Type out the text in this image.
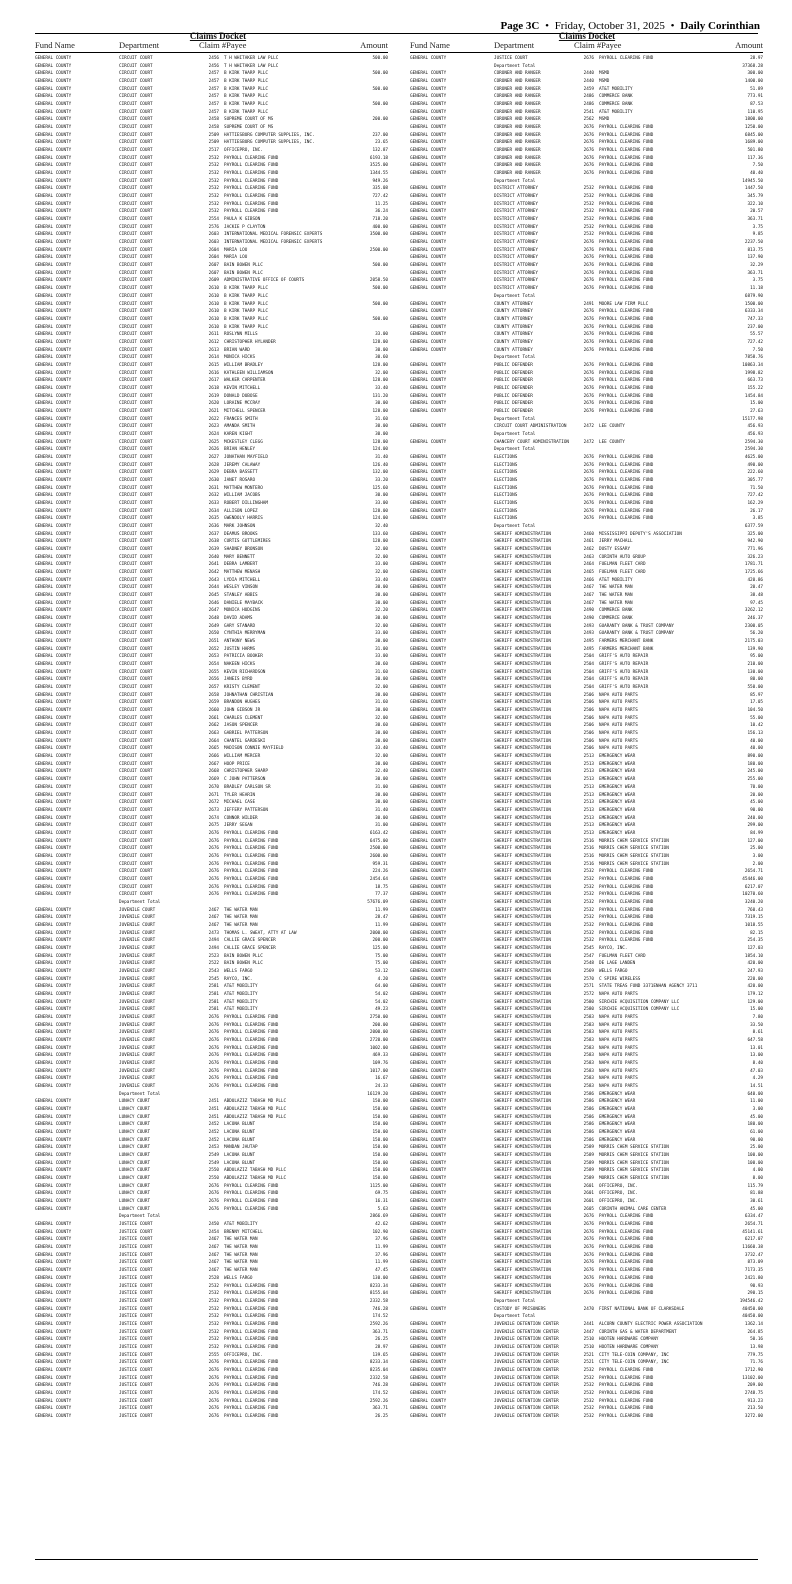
Page 3C • Friday, October 31, 2025 • Daily Corinthian
Claims Docket
Fund Name	Department	Claim #Payee	Amount
GENERAL COUNTY	CIRCUIT COURT	2456 T H WHITAKER LAW PLLC	500.00
GENERAL COUNTY	CIRCUIT COURT	2456 T H WHITAKER LAW PLLC
GENERAL COUNTY	CIRCUIT COURT	2457 B KIRK THARP PLLC	500.00
GENERAL COUNTY	CIRCUIT COURT	2457 B KIRK THARP PLLC
GENERAL COUNTY	CIRCUIT COURT	2457 B KIRK THARP PLLC	500.00
GENERAL COUNTY	CIRCUIT COURT	2457 B KIRK THARP PLLC
GENERAL COUNTY	CIRCUIT COURT	2457 B KIRK THARP PLLC	500.00
GENERAL COUNTY	CIRCUIT COURT	2457 B KIRK THARP PLLC
GENERAL COUNTY	CIRCUIT COURT	2458 SUPREME COURT OF MS	200.00
GENERAL COUNTY	CIRCUIT COURT	2458 SUPREME COURT OF MS
GENERAL COUNTY	CIRCUIT COURT	2509 HATTIESBURG COMPUTER SUPPLIES, INC.	237.00
GENERAL COUNTY	CIRCUIT COURT	2509 HATTIESBURG COMPUTER SUPPLIES, INC.	23.65
GENERAL COUNTY	CIRCUIT COURT	2517 OFFICEPRO, INC.	132.87
GENERAL COUNTY	CIRCUIT COURT	2532 PAYROLL CLEARING FUND	6193.18
GENERAL COUNTY	CIRCUIT COURT	2532 PAYROLL CLEARING FUND	3525.00
GENERAL COUNTY	CIRCUIT COURT	2532 PAYROLL CLEARING FUND	1344.55
GENERAL COUNTY	CIRCUIT COURT	2532 PAYROLL CLEARING FUND	949.26
GENERAL COUNTY	CIRCUIT COURT	2532 PAYROLL CLEARING FUND	335.08
GENERAL COUNTY	CIRCUIT COURT	2532 PAYROLL CLEARING FUND	727.42
GENERAL COUNTY	CIRCUIT COURT	2532 PAYROLL CLEARING FUND	11.25
GENERAL COUNTY	CIRCUIT COURT	2532 PAYROLL CLEARING FUND	36.24
GENERAL COUNTY	CIRCUIT COURT	2554 PAULA K GIBSON	718.20
GENERAL COUNTY	CIRCUIT COURT	2576 JACKIE P CLAYTON	400.00
GENERAL COUNTY	CIRCUIT COURT	2603 INTERNATIONAL MEDICAL FORENSIC EXPERTS	3500.00
GENERAL COUNTY	CIRCUIT COURT	2603 INTERNATIONAL MEDICAL FORENSIC EXPERTS
GENERAL COUNTY	CIRCUIT COURT	2604 MARIA LOU	2500.00
GENERAL COUNTY	CIRCUIT COURT	2604 MARIA LOU
GENERAL COUNTY	CIRCUIT COURT	2607 BAIN BOWEN PLLC	500.00
GENERAL COUNTY	CIRCUIT COURT	2607 BAIN BOWEN PLLC
GENERAL COUNTY	CIRCUIT COURT	2609 ADMINISTRATIVE OFFICE OF COURTS	2058.50
GENERAL COUNTY	CIRCUIT COURT	2610 B KIRK THARP PLLC	500.00
GENERAL COUNTY	CIRCUIT COURT	2610 B KIRK THARP PLLC
GENERAL COUNTY	CIRCUIT COURT	2610 B KIRK THARP PLLC	500.00
GENERAL COUNTY	CIRCUIT COURT	2610 B KIRK THARP PLLC
GENERAL COUNTY	CIRCUIT COURT	2610 B KIRK THARP PLLC	500.00
GENERAL COUNTY	CIRCUIT COURT	2610 B KIRK THARP PLLC
GENERAL COUNTY	CIRCUIT COURT	2611 ROSLYNN MILLS	33.00
GENERAL COUNTY	CIRCUIT COURT	2612 CHRISTOPHER HYLANDER	128.00
GENERAL COUNTY	CIRCUIT COURT	2613 BRIAN WARD	30.00
GENERAL COUNTY	CIRCUIT COURT	2614 MONICA HICKS	30.60
GENERAL COUNTY	CIRCUIT COURT	2615 WILLIAM BRADLEY	128.00
GENERAL COUNTY	CIRCUIT COURT	2616 KATHLEEN WILLIAMSON	32.00
GENERAL COUNTY	CIRCUIT COURT	2617 WALKER CARPENTER	128.00
GENERAL COUNTY	CIRCUIT COURT	2618 KEVIN MITCHELL	33.40
GENERAL COUNTY	CIRCUIT COURT	2619 DONALD DUBOSE	131.20
GENERAL COUNTY	CIRCUIT COURT	2620 LORAINE MCCRAY	30.00
GENERAL COUNTY	CIRCUIT COURT	2621 MITCHELL SPENCER	128.00
GENERAL COUNTY	CIRCUIT COURT	2622 FRANCES SMITH	31.60
GENERAL COUNTY	CIRCUIT COURT	2623 AMANDA SMITH	30.00
GENERAL COUNTY	CIRCUIT COURT	2624 KAREN KIGHT	30.00
GENERAL COUNTY	CIRCUIT COURT	2625 MCKESTLEY CLEGG	128.00
GENERAL COUNTY	CIRCUIT COURT	2626 BRIAN HENLEY	124.00
GENERAL COUNTY	CIRCUIT COURT	2627 JONATHAN MAYFIELD	31.40
GENERAL COUNTY	CIRCUIT COURT	2628 JEREMY CALAWAY	126.40
GENERAL COUNTY	CIRCUIT COURT	2629 DEBRA BASSETT	132.00
GENERAL COUNTY	CIRCUIT COURT	2630 JANET ROSARO	33.20
GENERAL COUNTY	CIRCUIT COURT	2631 MATTHEW MONTERO	125.60
GENERAL COUNTY	CIRCUIT COURT	2632 WILLIAM JACOBS	30.00
GENERAL COUNTY	CIRCUIT COURT	2633 ROBERT DILLINGHAM	33.00
GENERAL COUNTY	CIRCUIT COURT	2634 ALLISON LOPEZ	128.00
GENERAL COUNTY	CIRCUIT COURT	2635 GWENDOLY HARRIS	124.00
GENERAL COUNTY	CIRCUIT COURT	2636 MARK JOHNSON	32.40
GENERAL COUNTY	CIRCUIT COURT	2637 DEAMUS BROOKS	133.60
GENERAL COUNTY	CIRCUIT COURT	2638 CURTIS GUTTLEMIRES	128.00
GENERAL COUNTY	CIRCUIT COURT	2639 SHADNEY BRONSON	32.00
GENERAL COUNTY	CIRCUIT COURT	2640 MARY BENNETT	32.00
GENERAL COUNTY	CIRCUIT COURT	2641 DEBRA LAMBERT	33.00
GENERAL COUNTY	CIRCUIT COURT	2642 MATTHEW MENASH	32.00
GENERAL COUNTY	CIRCUIT COURT	2643 LYDIA MITCHELL	33.40
GENERAL COUNTY	CIRCUIT COURT	2644 WESLEY VINSON	30.00
GENERAL COUNTY	CIRCUIT COURT	2645 STANLEY ABBIS	30.00
GENERAL COUNTY	CIRCUIT COURT	2646 DANIELE MAYBACK	30.00
GENERAL COUNTY	CIRCUIT COURT	2647 MONICA HUDGINS	32.20
GENERAL COUNTY	CIRCUIT COURT	2648 DAVID ADAMS	30.00
GENERAL COUNTY	CIRCUIT COURT	2649 GARY STANARD	32.00
GENERAL COUNTY	CIRCUIT COURT	2650 CYNTHIA MERRYMAN	33.00
GENERAL COUNTY	CIRCUIT COURT	2651 ANTHONY NEWS	30.00
GENERAL COUNTY	CIRCUIT COURT	2652 JUSTIN HARMS	31.00
GENERAL COUNTY	CIRCUIT COURT	2653 PATRICIA BOOKER	33.00
GENERAL COUNTY	CIRCUIT COURT	2654 NAKEEN HICKS	30.60
GENERAL COUNTY	CIRCUIT COURT	2655 KEVIN RICHARDSON	31.60
GENERAL COUNTY	CIRCUIT COURT	2656 JANEIS BYRD	30.00
GENERAL COUNTY	CIRCUIT COURT	2657 KRISTY CLEMENT	32.00
GENERAL COUNTY	CIRCUIT COURT	2658 JOHNATHAN CHRISTIAN	30.00
GENERAL COUNTY	CIRCUIT COURT	2659 BRANDON HUGHES	31.60
GENERAL COUNTY	CIRCUIT COURT	2660 JOHN GIBSON JR	30.00
GENERAL COUNTY	CIRCUIT COURT	2661 CHARLES CLEMENT	32.00
GENERAL COUNTY	CIRCUIT COURT	2662 JASON SPENCER	30.60
GENERAL COUNTY	CIRCUIT COURT	2663 GABRIEL PATTERSON	30.00
GENERAL COUNTY	CIRCUIT COURT	2664 CHANTEL GARDESKI	30.00
GENERAL COUNTY	CIRCUIT COURT	2665 MADISON CONNIE MAYFIELD	33.40
GENERAL COUNTY	CIRCUIT COURT	2666 WILLIAM MERCER	32.00
GENERAL COUNTY	CIRCUIT COURT	2667 HOOP PRICE	30.00
GENERAL COUNTY	CIRCUIT COURT	2668 CHRISTOPHER SHARP	32.40
GENERAL COUNTY	CIRCUIT COURT	2669 C JOHN PATTERSON	30.00
GENERAL COUNTY	CIRCUIT COURT	2670 BRADLEY CARLSON SR	31.00
GENERAL COUNTY	CIRCUIT COURT	2671 TYLER HEARIN	30.00
GENERAL COUNTY	CIRCUIT COURT	2672 MICHAEL CASE	30.00
GENERAL COUNTY	CIRCUIT COURT	2673 JEFFERY PATTERSON	31.40
GENERAL COUNTY	CIRCUIT COURT	2674 CONNOR WILDER	30.00
GENERAL COUNTY	CIRCUIT COURT	2675 JERRY SEGAN	31.00
GENERAL COUNTY	CIRCUIT COURT	2676 PAYROLL CLEARING FUND	6163.42
GENERAL COUNTY	CIRCUIT COURT	2676 PAYROLL CLEARING FUND	6475.00
GENERAL COUNTY	CIRCUIT COURT	2676 PAYROLL CLEARING FUND	2500.00
GENERAL COUNTY	CIRCUIT COURT	2676 PAYROLL CLEARING FUND	2600.00
GENERAL COUNTY	CIRCUIT COURT	2676 PAYROLL CLEARING FUND	959.31
GENERAL COUNTY	CIRCUIT COURT	2676 PAYROLL CLEARING FUND	224.26
GENERAL COUNTY	CIRCUIT COURT	2676 PAYROLL CLEARING FUND	2454.64
GENERAL COUNTY	CIRCUIT COURT	2676 PAYROLL CLEARING FUND	18.75
GENERAL COUNTY	CIRCUIT COURT	2676 PAYROLL CLEARING FUND	77.37
Department Total	57676.09
GENERAL COUNTY	JUVENILE COURT	2467 THE WATER MAN	11.99
GENERAL COUNTY	JUVENILE COURT	2467 THE WATER MAN	28.47
GENERAL COUNTY	JUVENILE COURT	2467 THE WATER MAN	11.99
GENERAL COUNTY	JUVENILE COURT	2473 THOMAS L. SWEAT, ATTY AT LAW	2000.00
GENERAL COUNTY	JUVENILE COURT	2494 CALLIE GRACE SPENCER	200.00
GENERAL COUNTY	JUVENILE COURT	2494 CALLIE GRACE SPENCER	125.00
GENERAL COUNTY	JUVENILE COURT	2523 BAIN BOWEN PLLC	75.00
GENERAL COUNTY	JUVENILE COURT	2522 BAIN BOWEN PLLC	75.00
GENERAL COUNTY	JUVENILE COURT	2543 WELLS FARGO	53.12
GENERAL COUNTY	JUVENILE COURT	2545 RAYCO, INC.	4.20
GENERAL COUNTY	JUVENILE COURT	2581 AT&T MOBILITY	64.00
GENERAL COUNTY	JUVENILE COURT	2581 AT&T MOBILITY	54.02
GENERAL COUNTY	JUVENILE COURT	2581 AT&T MOBILITY	54.02
GENERAL COUNTY	JUVENILE COURT	2581 AT&T MOBILITY	49.23
GENERAL COUNTY	JUVENILE COURT	2676 PAYROLL CLEARING FUND	2750.00
GENERAL COUNTY	JUVENILE COURT	2676 PAYROLL CLEARING FUND	200.00
GENERAL COUNTY	JUVENILE COURT	2676 PAYROLL CLEARING FUND	2000.00
GENERAL COUNTY	JUVENILE COURT	2676 PAYROLL CLEARING FUND	2720.00
GENERAL COUNTY	JUVENILE COURT	2676 PAYROLL CLEARING FUND	1002.00
GENERAL COUNTY	JUVENILE COURT	2676 PAYROLL CLEARING FUND	469.33
GENERAL COUNTY	JUVENILE COURT	2676 PAYROLL CLEARING FUND	109.76
GENERAL COUNTY	JUVENILE COURT	2676 PAYROLL CLEARING FUND	1017.00
GENERAL COUNTY	JUVENILE COURT	2676 PAYROLL CLEARING FUND	16.67
GENERAL COUNTY	JUVENILE COURT	2676 PAYROLL CLEARING FUND	24.33
Department Total	16129.20
GENERAL COUNTY	LUNACY COURT	2451 ABDULAZIZ TABASH MD PLLC	150.00
GENERAL COUNTY	LUNACY COURT	2451 ABDULAZIZ TABASH MD PLLC	150.00
GENERAL COUNTY	LUNACY COURT	2451 ABDULAZIZ TABASH MD PLLC	150.00
GENERAL COUNTY	LUNACY COURT	2452 LACONA BLUNT	150.00
GENERAL COUNTY	LUNACY COURT	2452 LACONA BLUNT	150.00
GENERAL COUNTY	LUNACY COURT	2452 LACONA BLUNT	150.00
GENERAL COUNTY	LUNACY COURT	2453 MANDAN JAUTAP	150.00
GENERAL COUNTY	LUNACY COURT	2549 LACONA BLUNT	150.00
GENERAL COUNTY	LUNACY COURT	2549 LACONA BLUNT	150.00
GENERAL COUNTY	LUNACY COURT	2550 ABDULAZIZ TABASH MD PLLC	150.00
GENERAL COUNTY	LUNACY COURT	2550 ABDULAZIZ TABASH MD PLLC	150.00
GENERAL COUNTY	LUNACY COURT	2676 PAYROLL CLEARING FUND	1125.00
GENERAL COUNTY	LUNACY COURT	2676 PAYROLL CLEARING FUND	69.75
GENERAL COUNTY	LUNACY COURT	2676 PAYROLL CLEARING FUND	16.31
GENERAL COUNTY	LUNACY COURT	2676 PAYROLL CLEARING FUND	5.63
Department Total	2866.69
GENERAL COUNTY	JUSTICE COURT	2450 AT&T MOBILITY	42.62
GENERAL COUNTY	JUSTICE COURT	2454 BRENNY MITCHELL	102.90
GENERAL COUNTY	JUSTICE COURT	2467 THE WATER MAN	37.96
GENERAL COUNTY	JUSTICE COURT	2467 THE WATER MAN	11.99
GENERAL COUNTY	JUSTICE COURT	2467 THE WATER MAN	37.96
GENERAL COUNTY	JUSTICE COURT	2467 THE WATER MAN	11.99
GENERAL COUNTY	JUSTICE COURT	2467 THE WATER MAN	47.45
GENERAL COUNTY	JUSTICE COURT	2528 WELLS FARGO	130.00
GENERAL COUNTY	JUSTICE COURT	2532 PAYROLL CLEARING FUND	8233.34
GENERAL COUNTY	JUSTICE COURT	2532 PAYROLL CLEARING FUND	8155.04
GENERAL COUNTY	JUSTICE COURT	2532 PAYROLL CLEARING FUND	2332.58
GENERAL COUNTY	JUSTICE COURT	2532 PAYROLL CLEARING FUND	746.28
GENERAL COUNTY	JUSTICE COURT	2532 PAYROLL CLEARING FUND	174.52
GENERAL COUNTY	JUSTICE COURT	2532 PAYROLL CLEARING FUND	2592.26
GENERAL COUNTY	JUSTICE COURT	2532 PAYROLL CLEARING FUND	363.71
GENERAL COUNTY	JUSTICE COURT	2532 PAYROLL CLEARING FUND	26.25
GENERAL COUNTY	JUSTICE COURT	2532 PAYROLL CLEARING FUND	28.97
GENERAL COUNTY	JUSTICE COURT	2555 OFFICEPRO, INC.	139.65
GENERAL COUNTY	JUSTICE COURT	2676 PAYROLL CLEARING FUND	8233.34
GENERAL COUNTY	JUSTICE COURT	2676 PAYROLL CLEARING FUND	8235.04
GENERAL COUNTY	JUSTICE COURT	2676 PAYROLL CLEARING FUND	2332.58
GENERAL COUNTY	JUSTICE COURT	2676 PAYROLL CLEARING FUND	746.28
GENERAL COUNTY	JUSTICE COURT	2676 PAYROLL CLEARING FUND	174.52
GENERAL COUNTY	JUSTICE COURT	2676 PAYROLL CLEARING FUND	2592.26
GENERAL COUNTY	JUSTICE COURT	2676 PAYROLL CLEARING FUND	363.71
GENERAL COUNTY	JUSTICE COURT	2676 PAYROLL CLEARING FUND	26.25
Claims Docket
Fund Name	Department	Claim #Payee	Amount
GENERAL COUNTY	JUSTICE COURT	2676 PAYROLL CLEARING FUND	28.97
Department Total	37368.28
GENERAL COUNTY	CORONER AND RANGER	2440 MSMD	300.00
GENERAL COUNTY	CORONER AND RANGER	2440 MSMD	1400.00
GENERAL COUNTY	CORONER AND RANGER	2459 AT&T MOBILITY	51.89
GENERAL COUNTY	CORONER AND RANGER	2486 COMMERCE BANK	773.91
GENERAL COUNTY	CORONER AND RANGER	2486 COMMERCE BANK	87.53
GENERAL COUNTY	CORONER AND RANGER	2541 AT&T MOBILITY	110.95
GENERAL COUNTY	CORONER AND RANGER	2562 MSMD	1800.00
GENERAL COUNTY	CORONER AND RANGER	2676 PAYROLL CLEARING FUND	1250.00
GENERAL COUNTY	CORONER AND RANGER	2676 PAYROLL CLEARING FUND	6845.00
GENERAL COUNTY	CORONER AND RANGER	2676 PAYROLL CLEARING FUND	1689.00
GENERAL COUNTY	CORONER AND RANGER	2676 PAYROLL CLEARING FUND	501.80
GENERAL COUNTY	CORONER AND RANGER	2676 PAYROLL CLEARING FUND	117.36
GENERAL COUNTY	CORONER AND RANGER	2676 PAYROLL CLEARING FUND	7.50
GENERAL COUNTY	CORONER AND RANGER	2676 PAYROLL CLEARING FUND	40.40
Department Total	14945.50
GENERAL COUNTY	DISTRICT ATTORNEY	2532 PAYROLL CLEARING FUND	1447.50
GENERAL COUNTY	DISTRICT ATTORNEY	2532 PAYROLL CLEARING FUND	345.79
GENERAL COUNTY	DISTRICT ATTORNEY	2532 PAYROLL CLEARING FUND	322.10
GENERAL COUNTY	DISTRICT ATTORNEY	2532 PAYROLL CLEARING FUND	20.57
GENERAL COUNTY	DISTRICT ATTORNEY	2532 PAYROLL CLEARING FUND	363.71
GENERAL COUNTY	DISTRICT ATTORNEY	2532 PAYROLL CLEARING FUND	3.75
GENERAL COUNTY	DISTRICT ATTORNEY	2532 PAYROLL CLEARING FUND	9.85
GENERAL COUNTY	DISTRICT ATTORNEY	2676 PAYROLL CLEARING FUND	2237.50
GENERAL COUNTY	DISTRICT ATTORNEY	2676 PAYROLL CLEARING FUND	813.75
GENERAL COUNTY	DISTRICT ATTORNEY	2676 PAYROLL CLEARING FUND	137.90
GENERAL COUNTY	DISTRICT ATTORNEY	2676 PAYROLL CLEARING FUND	32.29
GENERAL COUNTY	DISTRICT ATTORNEY	2676 PAYROLL CLEARING FUND	363.71
GENERAL COUNTY	DISTRICT ATTORNEY	2676 PAYROLL CLEARING FUND	3.75
GENERAL COUNTY	DISTRICT ATTORNEY	2676 PAYROLL CLEARING FUND	11.18
Department Total	6879.90
GENERAL COUNTY	COUNTY ATTORNEY	2491 MOORE LAW FIRM PLLC	1500.00
GENERAL COUNTY	COUNTY ATTORNEY	2676 PAYROLL CLEARING FUND	6333.34
GENERAL COUNTY	COUNTY ATTORNEY	2676 PAYROLL CLEARING FUND	747.33
GENERAL COUNTY	COUNTY ATTORNEY	2676 PAYROLL CLEARING FUND	237.00
GENERAL COUNTY	COUNTY ATTORNEY	2676 PAYROLL CLEARING FUND	55.57
GENERAL COUNTY	COUNTY ATTORNEY	2676 PAYROLL CLEARING FUND	727.42
GENERAL COUNTY	COUNTY ATTORNEY	2676 PAYROLL CLEARING FUND	7.50
Department Total	7858.76
GENERAL COUNTY	PUBLIC DEFENDER	2676 PAYROLL CLEARING FUND	10863.34
GENERAL COUNTY	PUBLIC DEFENDER	2676 PAYROLL CLEARING FUND	1998.82
GENERAL COUNTY	PUBLIC DEFENDER	2676 PAYROLL CLEARING FUND	663.73
GENERAL COUNTY	PUBLIC DEFENDER	2676 PAYROLL CLEARING FUND	155.22
GENERAL COUNTY	PUBLIC DEFENDER	2676 PAYROLL CLEARING FUND	1454.84
GENERAL COUNTY	PUBLIC DEFENDER	2676 PAYROLL CLEARING FUND	15.00
GENERAL COUNTY	PUBLIC DEFENDER	2676 PAYROLL CLEARING FUND	27.63
Department Total	15177.98
GENERAL COUNTY	CIRCUIT COURT ADMINISTRATION	2472 LEE COUNTY	456.93
Department Total	456.93
GENERAL COUNTY	CHANCERY COURT ADMINISTRATION	2472 LEE COUNTY	2594.30
Department Total	2594.30
GENERAL COUNTY	ELECTIONS	2676 PAYROLL CLEARING FUND	4625.00
GENERAL COUNTY	ELECTIONS	2676 PAYROLL CLEARING FUND	490.00
GENERAL COUNTY	ELECTIONS	2676 PAYROLL CLEARING FUND	222.60
GENERAL COUNTY	ELECTIONS	2676 PAYROLL CLEARING FUND	305.77
GENERAL COUNTY	ELECTIONS	2676 PAYROLL CLEARING FUND	71.50
GENERAL COUNTY	ELECTIONS	2676 PAYROLL CLEARING FUND	727.42
GENERAL COUNTY	ELECTIONS	2676 PAYROLL CLEARING FUND	162.29
GENERAL COUNTY	ELECTIONS	2676 PAYROLL CLEARING FUND	26.17
GENERAL COUNTY	ELECTIONS	2676 PAYROLL CLEARING FUND	3.85
Department Total	6377.59
GENERAL COUNTY	SHERIFF ADMINISTRATION	2460 MISSISSIPPI DEPUTY'S ASSOCIATION	325.00
GENERAL COUNTY	SHERIFF ADMINISTRATION	2461 JERRY MACHALL	942.90
GENERAL COUNTY	SHERIFF ADMINISTRATION	2462 DUSTY ESSARY	771.96
GENERAL COUNTY	SHERIFF ADMINISTRATION	2463 CORINTH AUTO GROUP	326.23
GENERAL COUNTY	SHERIFF ADMINISTRATION	2464 FUELMAN FLEET CARD	1781.71
GENERAL COUNTY	SHERIFF ADMINISTRATION	2465 FUELMAN FLEET CARD	1725.66
GENERAL COUNTY	SHERIFF ADMINISTRATION	2466 AT&T MOBILITY	420.86
GENERAL COUNTY	SHERIFF ADMINISTRATION	2467 THE WATER MAN	20.47
GENERAL COUNTY	SHERIFF ADMINISTRATION	2467 THE WATER MAN	38.48
GENERAL COUNTY	SHERIFF ADMINISTRATION	2467 THE WATER MAN	97.45
GENERAL COUNTY	SHERIFF ADMINISTRATION	2490 COMMERCE BANK	3262.12
GENERAL COUNTY	SHERIFF ADMINISTRATION	2490 COMMERCE BANK	246.37
GENERAL COUNTY	SHERIFF ADMINISTRATION	2493 GUARANTY BANK & TRUST COMPANY	2300.05
GENERAL COUNTY	SHERIFF ADMINISTRATION	2493 GUARANTY BANK & TRUST COMPANY	56.20
GENERAL COUNTY	SHERIFF ADMINISTRATION	2495 FARMERS MERCHANT BANK	2175.03
GENERAL COUNTY	SHERIFF ADMINISTRATION	2495 FARMERS MERCHANT BANK	139.90
GENERAL COUNTY	SHERIFF ADMINISTRATION	2504 GRIFF'S AUTO REPAIR	95.00
GENERAL COUNTY	SHERIFF ADMINISTRATION	2504 GRIFF'S AUTO REPAIR	210.00
GENERAL COUNTY	SHERIFF ADMINISTRATION	2504 GRIFF'S AUTO REPAIR	130.00
GENERAL COUNTY	SHERIFF ADMINISTRATION	2504 GRIFF'S AUTO REPAIR	80.00
GENERAL COUNTY	SHERIFF ADMINISTRATION	2504 GRIFF'S AUTO REPAIR	550.00
GENERAL COUNTY	SHERIFF ADMINISTRATION	2506 NAPA AUTO PARTS	85.97
GENERAL COUNTY	SHERIFF ADMINISTRATION	2506 NAPA AUTO PARTS	17.05
GENERAL COUNTY	SHERIFF ADMINISTRATION	2506 NAPA AUTO PARTS	104.50
GENERAL COUNTY	SHERIFF ADMINISTRATION	2506 NAPA AUTO PARTS	55.00
GENERAL COUNTY	SHERIFF ADMINISTRATION	2506 NAPA AUTO PARTS	10.42
GENERAL COUNTY	SHERIFF ADMINISTRATION	2506 NAPA AUTO PARTS	156.13
GENERAL COUNTY	SHERIFF ADMINISTRATION	2506 NAPA AUTO PARTS	40.00
GENERAL COUNTY	SHERIFF ADMINISTRATION	2506 NAPA AUTO PARTS	40.00
GENERAL COUNTY	SHERIFF ADMINISTRATION	2513 EMERGENCY WEAR	890.00
GENERAL COUNTY	SHERIFF ADMINISTRATION	2513 EMERGENCY WEAR	180.00
GENERAL COUNTY	SHERIFF ADMINISTRATION	2513 EMERGENCY WEAR	245.00
GENERAL COUNTY	SHERIFF ADMINISTRATION	2513 EMERGENCY WEAR	255.00
GENERAL COUNTY	SHERIFF ADMINISTRATION	2513 EMERGENCY WEAR	70.00
GENERAL COUNTY	SHERIFF ADMINISTRATION	2513 EMERGENCY WEAR	20.00
GENERAL COUNTY	SHERIFF ADMINISTRATION	2513 EMERGENCY WEAR	45.00
GENERAL COUNTY	SHERIFF ADMINISTRATION	2513 EMERGENCY WEAR	90.00
GENERAL COUNTY	SHERIFF ADMINISTRATION	2513 EMERGENCY WEAR	240.00
GENERAL COUNTY	SHERIFF ADMINISTRATION	2513 EMERGENCY WEAR	299.00
GENERAL COUNTY	SHERIFF ADMINISTRATION	2513 EMERGENCY WEAR	84.99
GENERAL COUNTY	SHERIFF ADMINISTRATION	2516 MORRIS CHEM SERVICE STATION	127.00
GENERAL COUNTY	SHERIFF ADMINISTRATION	2516 MORRIS CHEM SERVICE STATION	25.00
GENERAL COUNTY	SHERIFF ADMINISTRATION	2516 MORRIS CHEM SERVICE STATION	3.00
GENERAL COUNTY	SHERIFF ADMINISTRATION	2516 MORRIS CHEM SERVICE STATION	2.00
GENERAL COUNTY	SHERIFF ADMINISTRATION	2532 PAYROLL CLEARING FUND	2654.71
GENERAL COUNTY	SHERIFF ADMINISTRATION	2532 PAYROLL CLEARING FUND	45446.00
GENERAL COUNTY	SHERIFF ADMINISTRATION	2532 PAYROLL CLEARING FUND	6217.07
GENERAL COUNTY	SHERIFF ADMINISTRATION	2532 PAYROLL CLEARING FUND	10270.60
GENERAL COUNTY	SHERIFF ADMINISTRATION	2532 PAYROLL CLEARING FUND	3240.20
GENERAL COUNTY	SHERIFF ADMINISTRATION	2532 PAYROLL CLEARING FUND	760.43
GENERAL COUNTY	SHERIFF ADMINISTRATION	2532 PAYROLL CLEARING FUND	7319.15
GENERAL COUNTY	SHERIFF ADMINISTRATION	2532 PAYROLL CLEARING FUND	1018.55
GENERAL COUNTY	SHERIFF ADMINISTRATION	2532 PAYROLL CLEARING FUND	82.15
GENERAL COUNTY	SHERIFF ADMINISTRATION	2532 PAYROLL CLEARING FUND	254.35
GENERAL COUNTY	SHERIFF ADMINISTRATION	2545 RAYCO, INC.	127.03
GENERAL COUNTY	SHERIFF ADMINISTRATION	2547 FUELMAN FLEET CARD	1854.10
GENERAL COUNTY	SHERIFF ADMINISTRATION	2548 DE LAGE LANDEN	420.00
GENERAL COUNTY	SHERIFF ADMINISTRATION	2569 WELLS FARGO	247.93
GENERAL COUNTY	SHERIFF ADMINISTRATION	2570 C SPIRE WIRELESS	220.00
GENERAL COUNTY	SHERIFF ADMINISTRATION	2571 STATE TREAS FUND 3371ENHAN AGENCY 3711	420.00
GENERAL COUNTY	SHERIFF ADMINISTRATION	2572 NAPA AUTO PARTS	179.12
GENERAL COUNTY	SHERIFF ADMINISTRATION	2580 SIRCHIE ACQUISITION COMPANY LLC	129.00
GENERAL COUNTY	SHERIFF ADMINISTRATION	2580 SIRCHIE ACQUISITION COMPANY LLC	15.00
GENERAL COUNTY	SHERIFF ADMINISTRATION	2583 NAPA AUTO PARTS	7.80
GENERAL COUNTY	SHERIFF ADMINISTRATION	2583 NAPA AUTO PARTS	33.50
GENERAL COUNTY	SHERIFF ADMINISTRATION	2583 NAPA AUTO PARTS	8.61
GENERAL COUNTY	SHERIFF ADMINISTRATION	2583 NAPA AUTO PARTS	647.58
GENERAL COUNTY	SHERIFF ADMINISTRATION	2583 NAPA AUTO PARTS	13.01
GENERAL COUNTY	SHERIFF ADMINISTRATION	2583 NAPA AUTO PARTS	13.00
GENERAL COUNTY	SHERIFF ADMINISTRATION	2583 NAPA AUTO PARTS	8.40
GENERAL COUNTY	SHERIFF ADMINISTRATION	2583 NAPA AUTO PARTS	47.03
GENERAL COUNTY	SHERIFF ADMINISTRATION	2583 NAPA AUTO PARTS	4.29
GENERAL COUNTY	SHERIFF ADMINISTRATION	2583 NAPA AUTO PARTS	14.51
GENERAL COUNTY	SHERIFF ADMINISTRATION	2586 EMERGENCY WEAR	640.00
GENERAL COUNTY	SHERIFF ADMINISTRATION	2586 EMERGENCY WEAR	11.00
GENERAL COUNTY	SHERIFF ADMINISTRATION	2586 EMERGENCY WEAR	3.00
GENERAL COUNTY	SHERIFF ADMINISTRATION	2586 EMERGENCY WEAR	45.00
GENERAL COUNTY	SHERIFF ADMINISTRATION	2586 EMERGENCY WEAR	180.00
GENERAL COUNTY	SHERIFF ADMINISTRATION	2586 EMERGENCY WEAR	61.00
GENERAL COUNTY	SHERIFF ADMINISTRATION	2586 EMERGENCY WEAR	90.00
GENERAL COUNTY	SHERIFF ADMINISTRATION	2589 MORRIS CHEM SERVICE STATION	25.00
GENERAL COUNTY	SHERIFF ADMINISTRATION	2589 MORRIS CHEM SERVICE STATION	100.00
GENERAL COUNTY	SHERIFF ADMINISTRATION	2589 MORRIS CHEM SERVICE STATION	100.00
GENERAL COUNTY	SHERIFF ADMINISTRATION	2589 MORRIS CHEM SERVICE STATION	4.00
GENERAL COUNTY	SHERIFF ADMINISTRATION	2589 MORRIS CHEM SERVICE STATION	8.00
GENERAL COUNTY	SHERIFF ADMINISTRATION	2601 OFFICEPRO, INC.	115.79
GENERAL COUNTY	SHERIFF ADMINISTRATION	2601 OFFICEPRO, INC.	81.88
GENERAL COUNTY	SHERIFF ADMINISTRATION	2601 OFFICEPRO, INC.	30.61
GENERAL COUNTY	SHERIFF ADMINISTRATION	2605 CORINTH ANIMAL CARE CENTER	45.00
GENERAL COUNTY	SHERIFF ADMINISTRATION	2676 PAYROLL CLEARING FUND	6334.47
GENERAL COUNTY	SHERIFF ADMINISTRATION	2676 PAYROLL CLEARING FUND	2654.71
GENERAL COUNTY	SHERIFF ADMINISTRATION	2676 PAYROLL CLEARING FUND	45141.61
GENERAL COUNTY	SHERIFF ADMINISTRATION	2676 PAYROLL CLEARING FUND	6217.07
GENERAL COUNTY	SHERIFF ADMINISTRATION	2676 PAYROLL CLEARING FUND	11660.38
GENERAL COUNTY	SHERIFF ADMINISTRATION	2676 PAYROLL CLEARING FUND	3732.47
GENERAL COUNTY	SHERIFF ADMINISTRATION	2676 PAYROLL CLEARING FUND	873.09
GENERAL COUNTY	SHERIFF ADMINISTRATION	2676 PAYROLL CLEARING FUND	7173.35
GENERAL COUNTY	SHERIFF ADMINISTRATION	2676 PAYROLL CLEARING FUND	2421.80
GENERAL COUNTY	SHERIFF ADMINISTRATION	2676 PAYROLL CLEARING FUND	90.93
GENERAL COUNTY	SHERIFF ADMINISTRATION	2676 PAYROLL CLEARING FUND	290.15
Department Total	194546.42
GENERAL COUNTY	CUSTODY OF PRISONERS	2470 FIRST NATIONAL BANK OF CLARKSDALE	40450.00
Department Total	40450.00
GENERAL COUNTY	JUVENILE DETENTION CENTER	2441 ALCORN COUNTY ELECTRIC POWER ASSOCIATION	1362.14
GENERAL COUNTY	JUVENILE DETENTION CENTER	2447 CORINTH GAS & WATER DEPARTMENT	264.85
GENERAL COUNTY	JUVENILE DETENTION CENTER	2510 HOOTEN HARDWARE COMPANY	50.16
GENERAL COUNTY	JUVENILE DETENTION CENTER	2510 HOOTEN HARDWARE COMPANY	13.98
GENERAL COUNTY	JUVENILE DETENTION CENTER	2521 CITY TELE-COIN COMPANY, INC	779.75
GENERAL COUNTY	JUVENILE DETENTION CENTER	2521 CITY TELE-COIN COMPANY, INC	71.76
GENERAL COUNTY	JUVENILE DETENTION CENTER	2532 PAYROLL CLEARING FUND	1712.90
GENERAL COUNTY	JUVENILE DETENTION CENTER	2532 PAYROLL CLEARING FUND	13102.00
GENERAL COUNTY	JUVENILE DETENTION CENTER	2532 PAYROLL CLEARING FUND	209.00
GENERAL COUNTY	JUVENILE DETENTION CENTER	2532 PAYROLL CLEARING FUND	2748.75
GENERAL COUNTY	JUVENILE DETENTION CENTER	2532 PAYROLL CLEARING FUND	913.23
GENERAL COUNTY	JUVENILE DETENTION CENTER	2532 PAYROLL CLEARING FUND	213.50
GENERAL COUNTY	JUVENILE DETENTION CENTER	2532 PAYROLL CLEARING FUND	3272.00
